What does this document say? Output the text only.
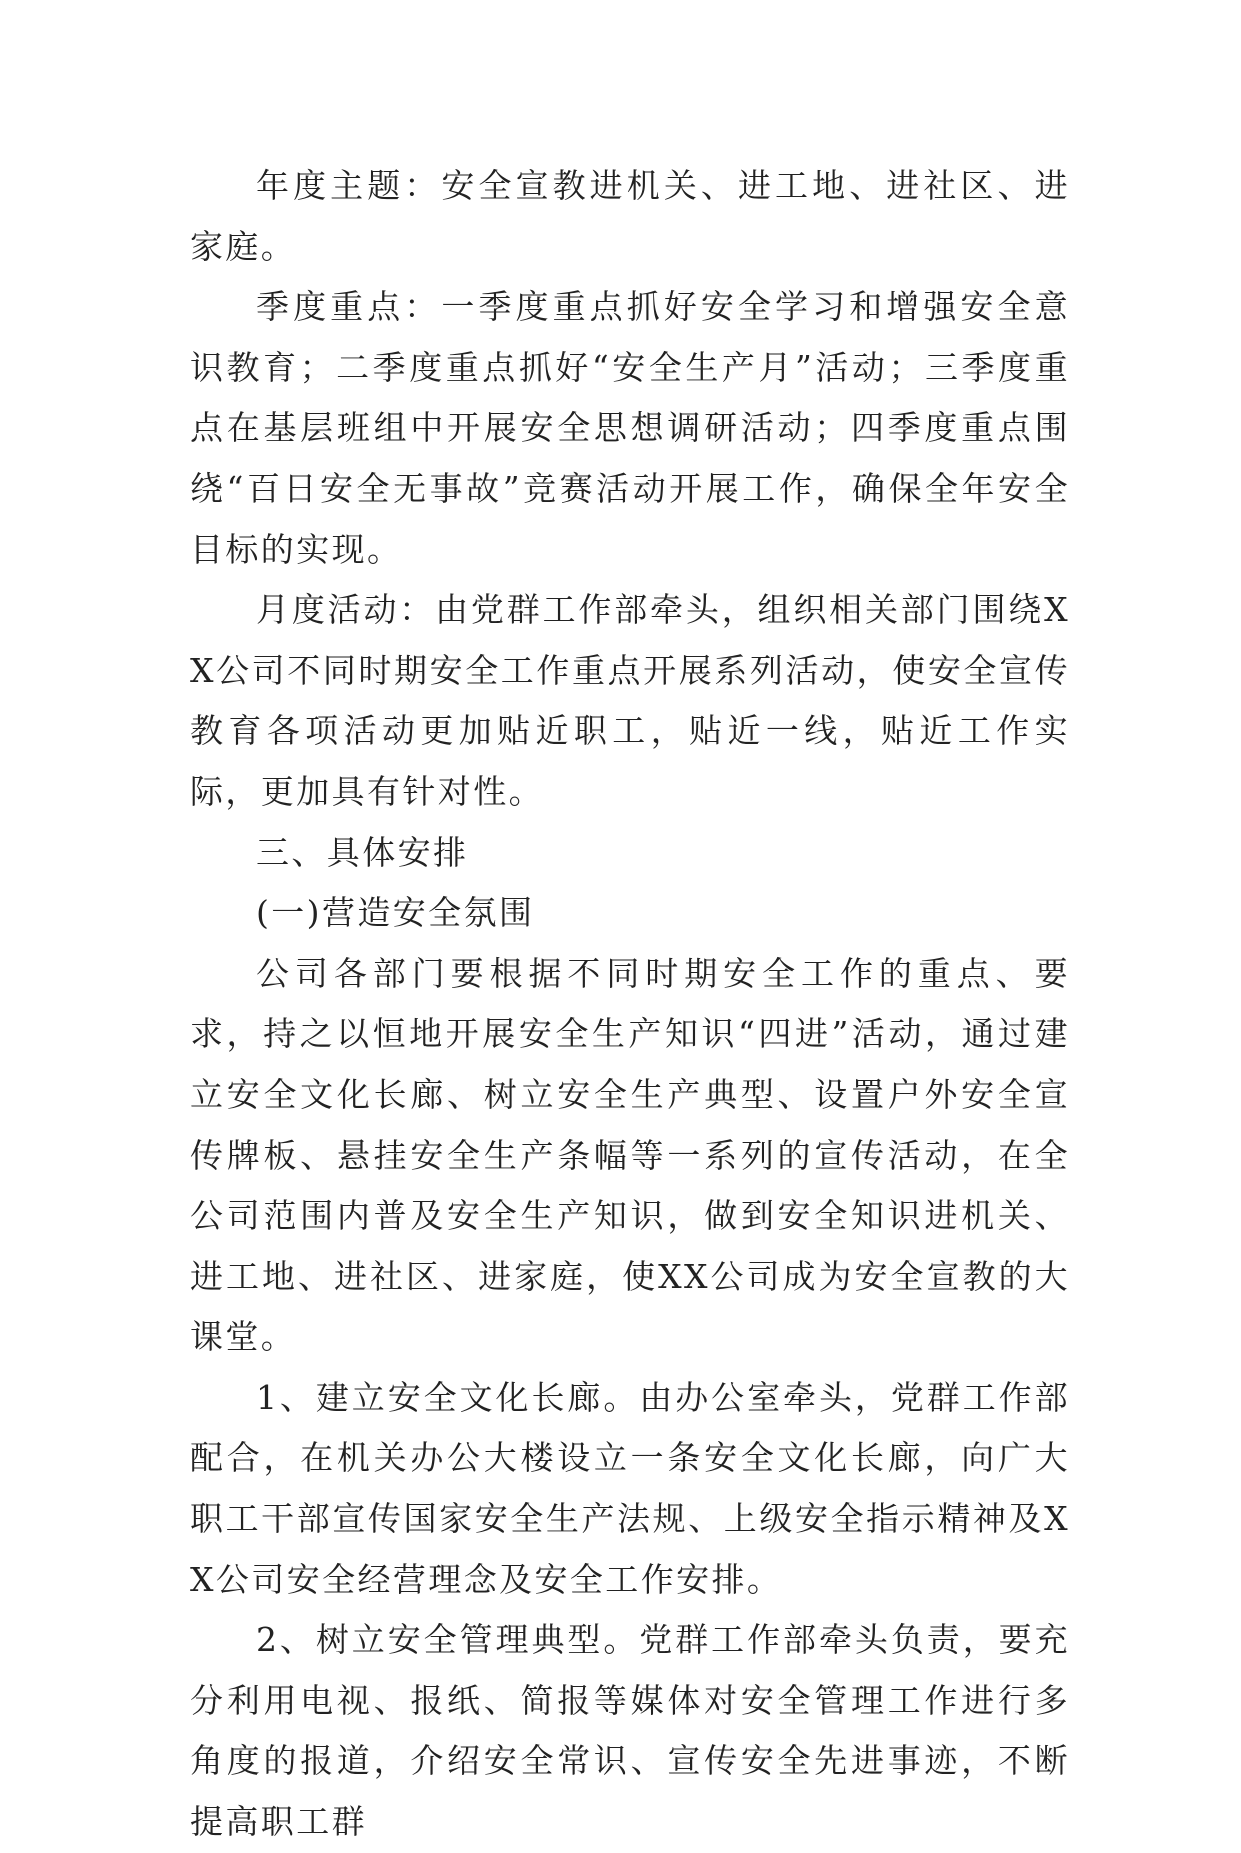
年度主题：安全宣教进机关、进工地、进社区、进家庭。

季度重点：一季度重点抓好安全学习和增强安全意识教育；二季度重点抓好“安全生产月”活动；三季度重点在基层班组中开展安全思想调研活动；四季度重点围绕“百日安全无事故”竞赛活动开展工作，确保全年安全目标的实现。

月度活动：由党群工作部牵头，组织相关部门围绕XX公司不同时期安全工作重点开展系列活动，使安全宣传教育各项活动更加贴近职工，贴近一线，贴近工作实际，更加具有针对性。

三、具体安排

(一)营造安全氛围

公司各部门要根据不同时期安全工作的重点、要求，持之以恒地开展安全生产知识“四进”活动，通过建立安全文化长廊、树立安全生产典型、设置户外安全宣传牌板、悬挂安全生产条幅等一系列的宣传活动，在全公司范围内普及安全生产知识，做到安全知识进机关、进工地、进社区、进家庭，使XX公司成为安全宣教的大课堂。

1、建立安全文化长廊。由办公室牵头，党群工作部配合，在机关办公大楼设立一条安全文化长廊，向广大职工干部宣传国家安全生产法规、上级安全指示精神及XX公司安全经营理念及安全工作安排。

2、树立安全管理典型。党群工作部牵头负责，要充分利用电视、报纸、简报等媒体对安全管理工作进行多角度的报道，介绍安全常识、宣传安全先进事迹，不断提高职工群
